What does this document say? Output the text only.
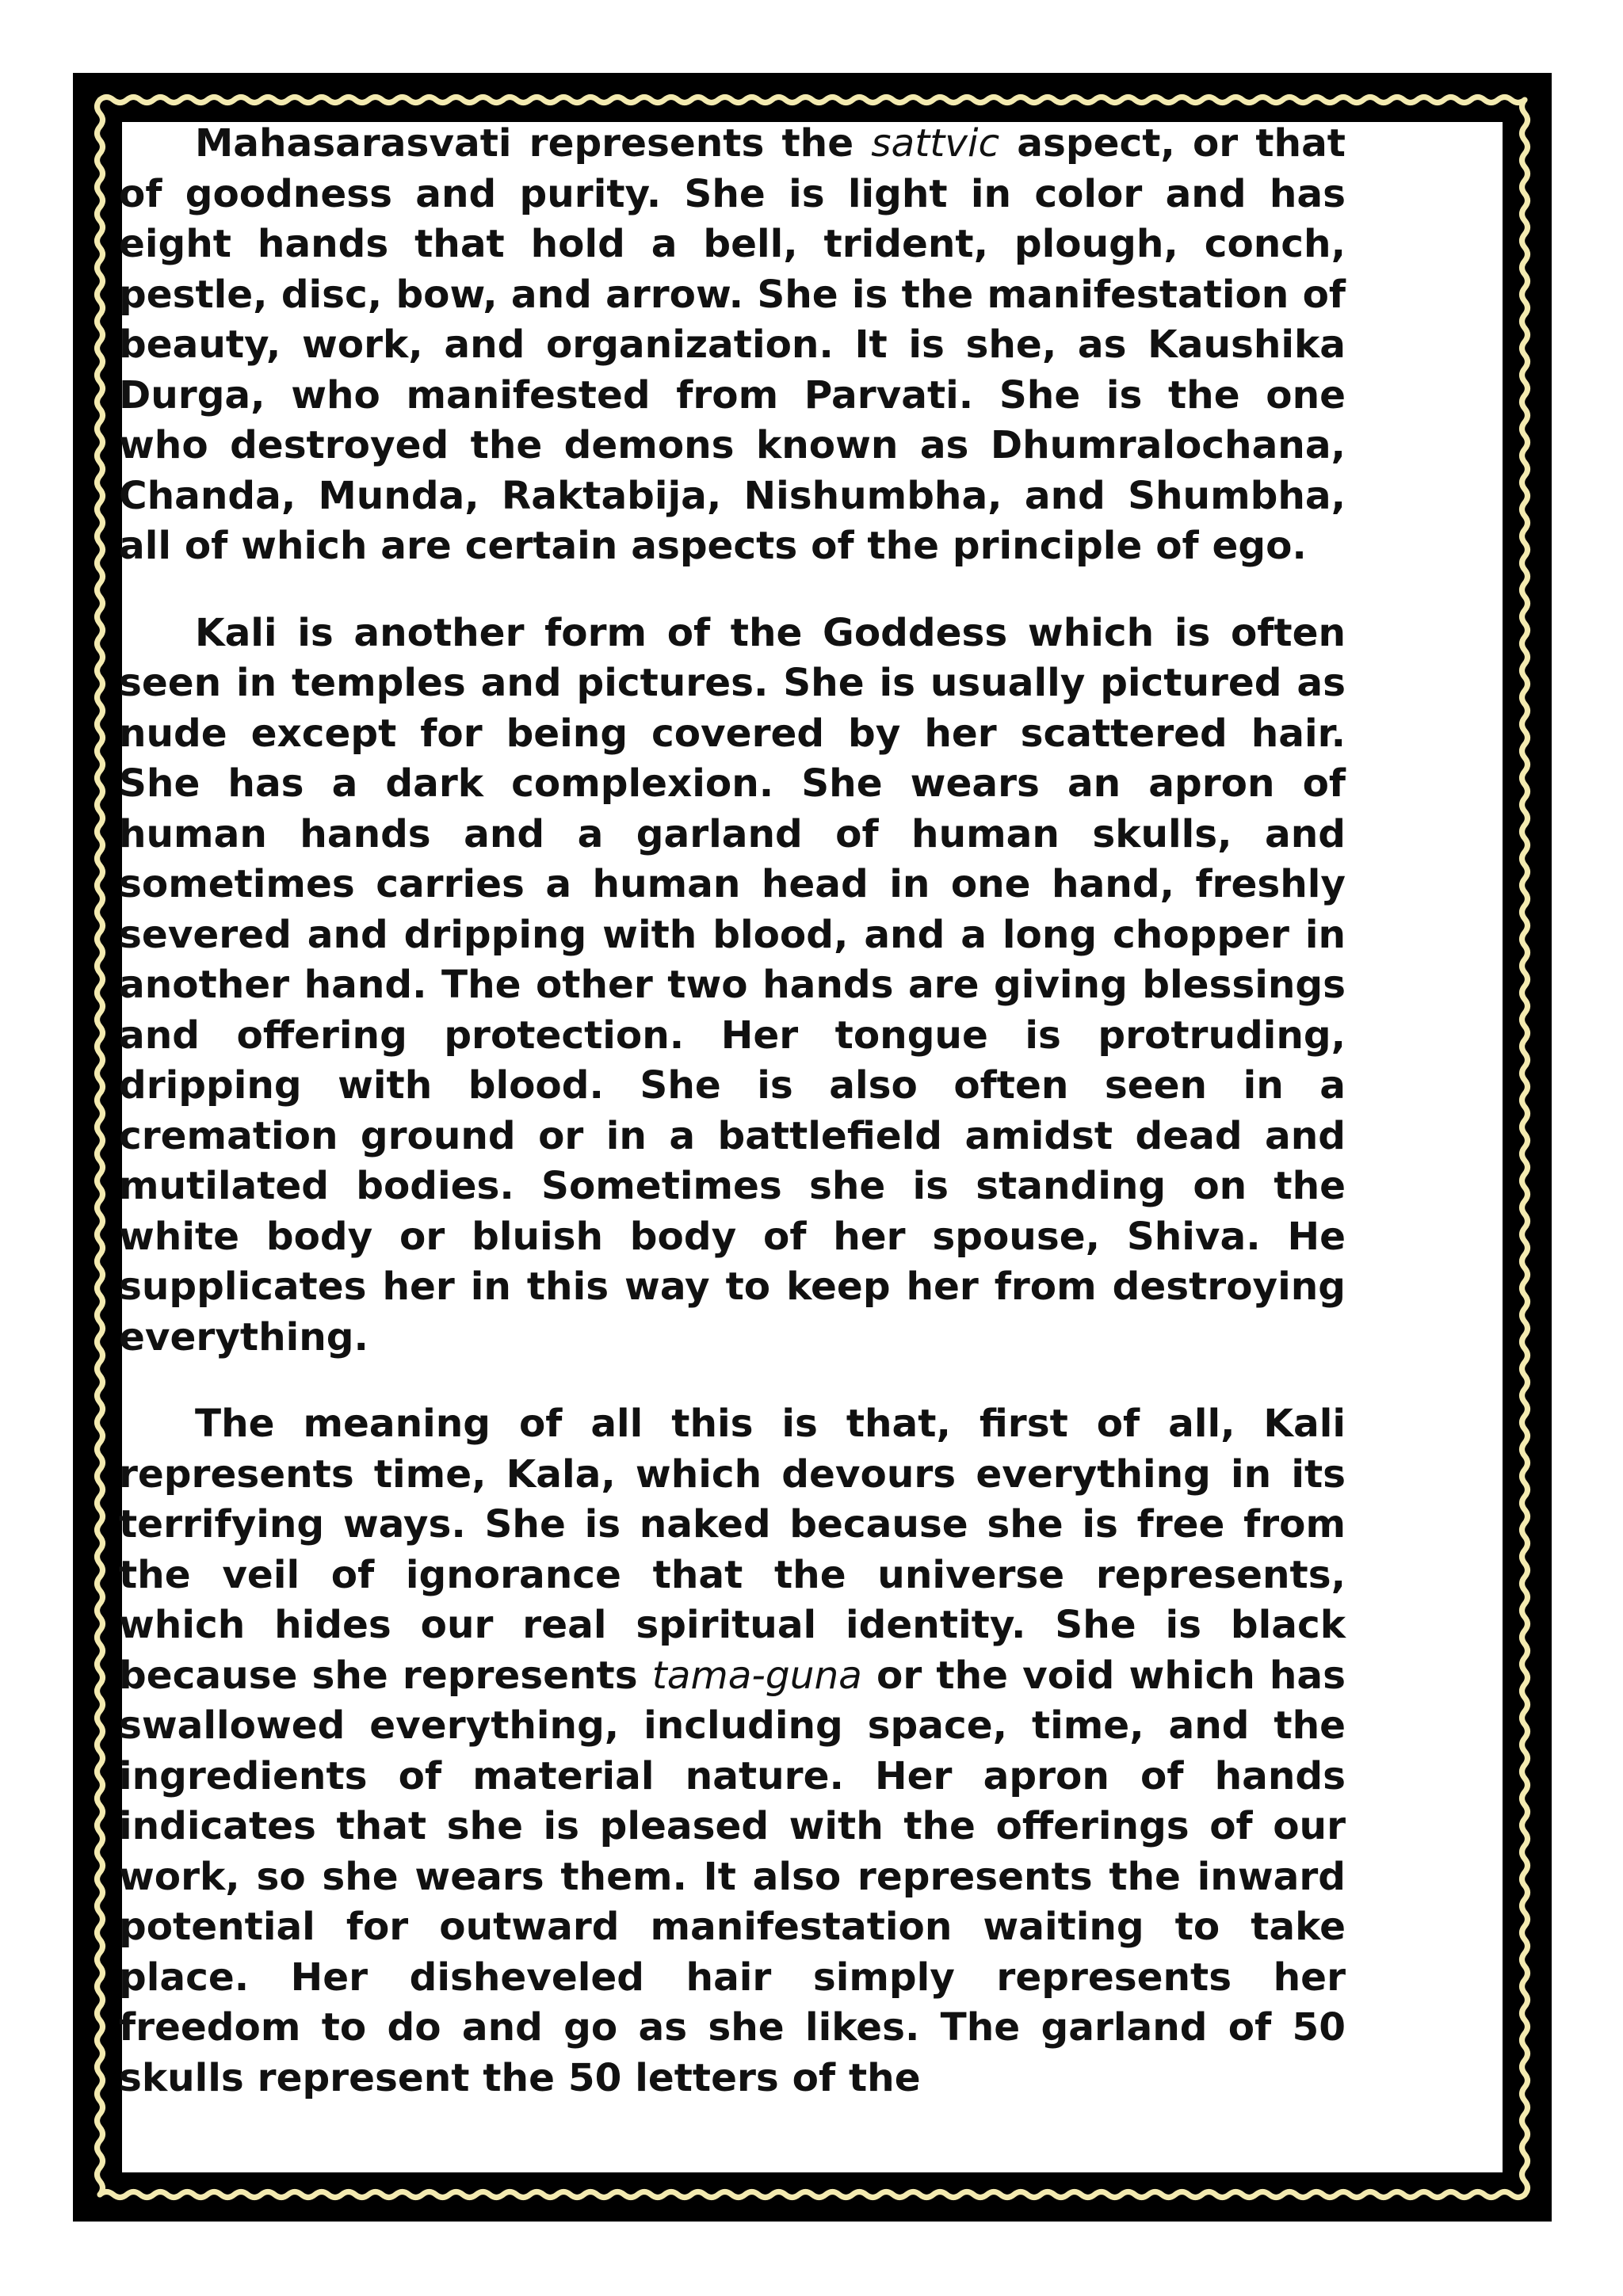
Mahasarasvati represents the sattvic aspect, or that of goodness and purity. She is light in color and has eight hands that hold a bell, trident, plough, conch, pestle, disc, bow, and arrow. She is the manifestation of beauty, work, and organization. It is she, as Kaushika Durga, who manifested from Parvati. She is the one who destroyed the demons known as Dhumralochana, Chanda, Munda, Raktabija, Nishumbha, and Shumbha, all of which are certain aspects of the principle of ego.

Kali is another form of the Goddess which is often seen in temples and pictures. She is usually pictured as nude except for being covered by her scattered hair. She has a dark complexion. She wears an apron of human hands and a garland of human skulls, and sometimes carries a human head in one hand, freshly severed and dripping with blood, and a long chopper in another hand. The other two hands are giving blessings and offering protection. Her tongue is protruding, dripping with blood. She is also often seen in a cremation ground or in a battlefield amidst dead and mutilated bodies. Sometimes she is standing on the white body or bluish body of her spouse, Shiva. He supplicates her in this way to keep her from destroying everything.

The meaning of all this is that, first of all, Kali represents time, Kala, which devours everything in its terrifying ways. She is naked because she is free from the veil of ignorance that the universe represents, which hides our real spiritual identity. She is black because she represents tama-guna or the void which has swallowed everything, including space, time, and the ingredients of material nature. Her apron of hands indicates that she is pleased with the offerings of our work, so she wears them. It also represents the inward potential for outward manifestation waiting to take place. Her disheveled hair simply represents her freedom to do and go as she likes. The garland of 50 skulls represent the 50 letters of the
